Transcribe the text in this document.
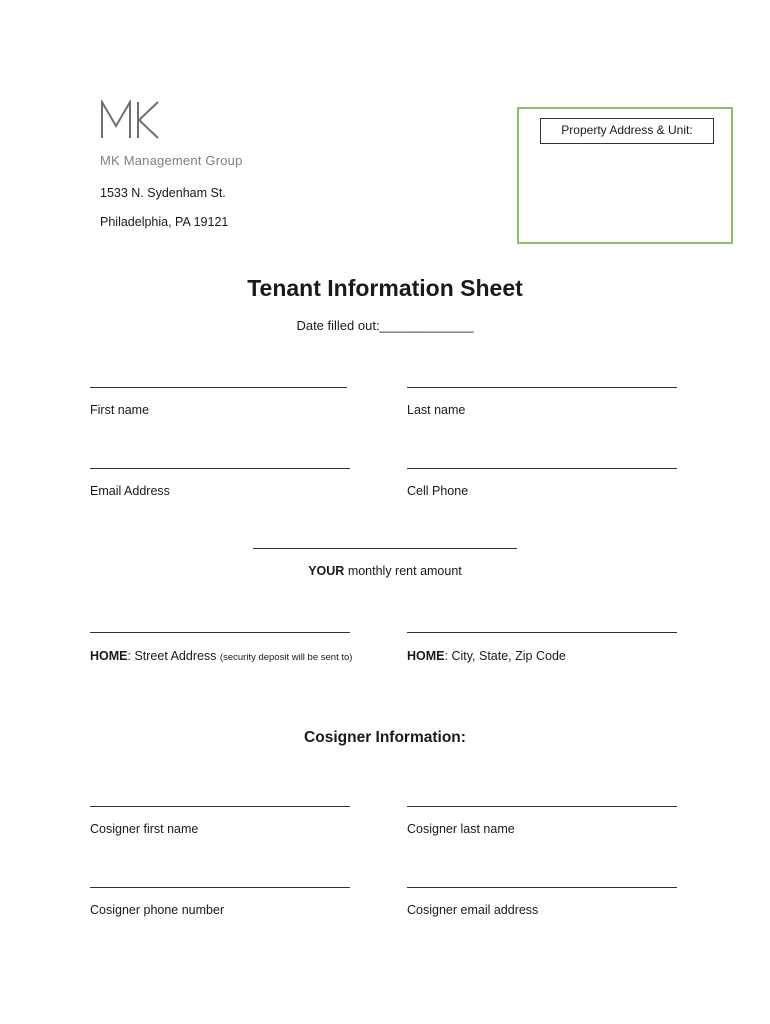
MK Management Group
1533 N. Sydenham St.
Philadelphia, PA 19121
Property Address & Unit:
Tenant Information Sheet
Date filled out:_____________
First name	Last name
Email Address	Cell Phone
YOUR monthly rent amount
HOME: Street Address (security deposit will be sent to)	HOME: City, State, Zip Code
Cosigner Information:
Cosigner first name	Cosigner last name
Cosigner phone number	Cosigner email address
